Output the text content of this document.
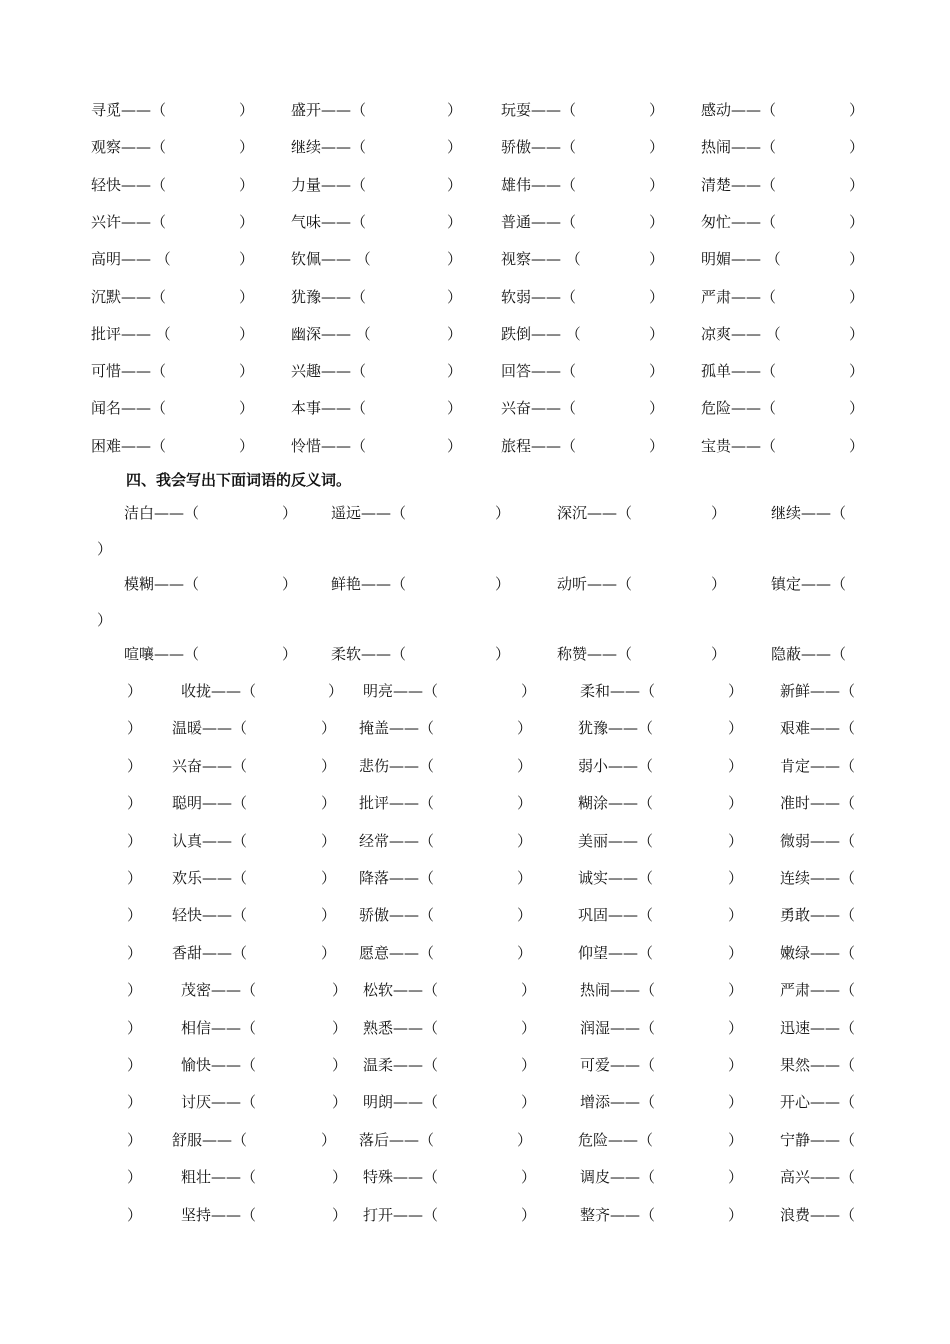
寻觅——（	） 盛开——（	）	玩耍——（	） 感动——（	）
观察——（	） 继续——（	）	骄傲——（	） 热闹——（	）
轻快——（	） 力量——（	）	雄伟——（	） 清楚——（	）
兴许——（	） 气味——（	）	普通——（	） 匆忙——（	）
高明—— （	） 钦佩—— （	）	视察—— （	） 明媚—— （	）
沉默——（	） 犹豫——（	）	软弱——（	） 严肃——（	）
批评—— （	） 幽深—— （	）	跌倒—— （	） 凉爽—— （	）
可惜——（	） 兴趣——（	）	回答——（	） 孤单——（	）
闻名——（	） 本事——（	）	兴奋——（	） 危险——（	）
困难——（	） 怜惜——（	）	旅程——（	） 宝贵——（	）
四、我会写出下面词语的反义词。
洁白——（	） 遥远——（	）	深沉——（	）	继续——（
）
模糊——（	） 鲜艳——（	）	动听——（	）	镇定——（
）
喧嚷——（	） 柔软——（	）	称赞——（	）	隐蔽——（
）	收拢——（	） 明亮——（	）	柔和——（	） 新鲜——（
） 温暖——（	） 掩盖——（	）	犹豫——（	） 艰难——（
） 兴奋——（	） 悲伤——（	）	弱小——（	） 肯定——（
） 聪明——（	） 批评——（	）	糊涂——（	） 准时——（
） 认真——（	） 经常——（	）	美丽——（	） 微弱——（
） 欢乐——（	） 降落——（	）	诚实——（	） 连续——（
） 轻快——（	） 骄傲——（	）	巩固——（	） 勇敢——（
） 香甜——（	） 愿意——（	）	仰望——（	） 嫩绿——（
）	茂密——（	） 松软——（	）	热闹——（	） 严肃——（
）	相信——（	） 熟悉——（	）	润湿——（	） 迅速——（
）	愉快——（	） 温柔——（	）	可爱——（	） 果然——（
）	讨厌——（	） 明朗——（	）	增添——（	） 开心——（
） 舒服——（	） 落后——（	）	危险——（	） 宁静——（
）	粗壮——（	） 特殊——（	）	调皮——（	） 高兴——（
）	坚持——（	） 打开——（	）	整齐——（	） 浪费——（
